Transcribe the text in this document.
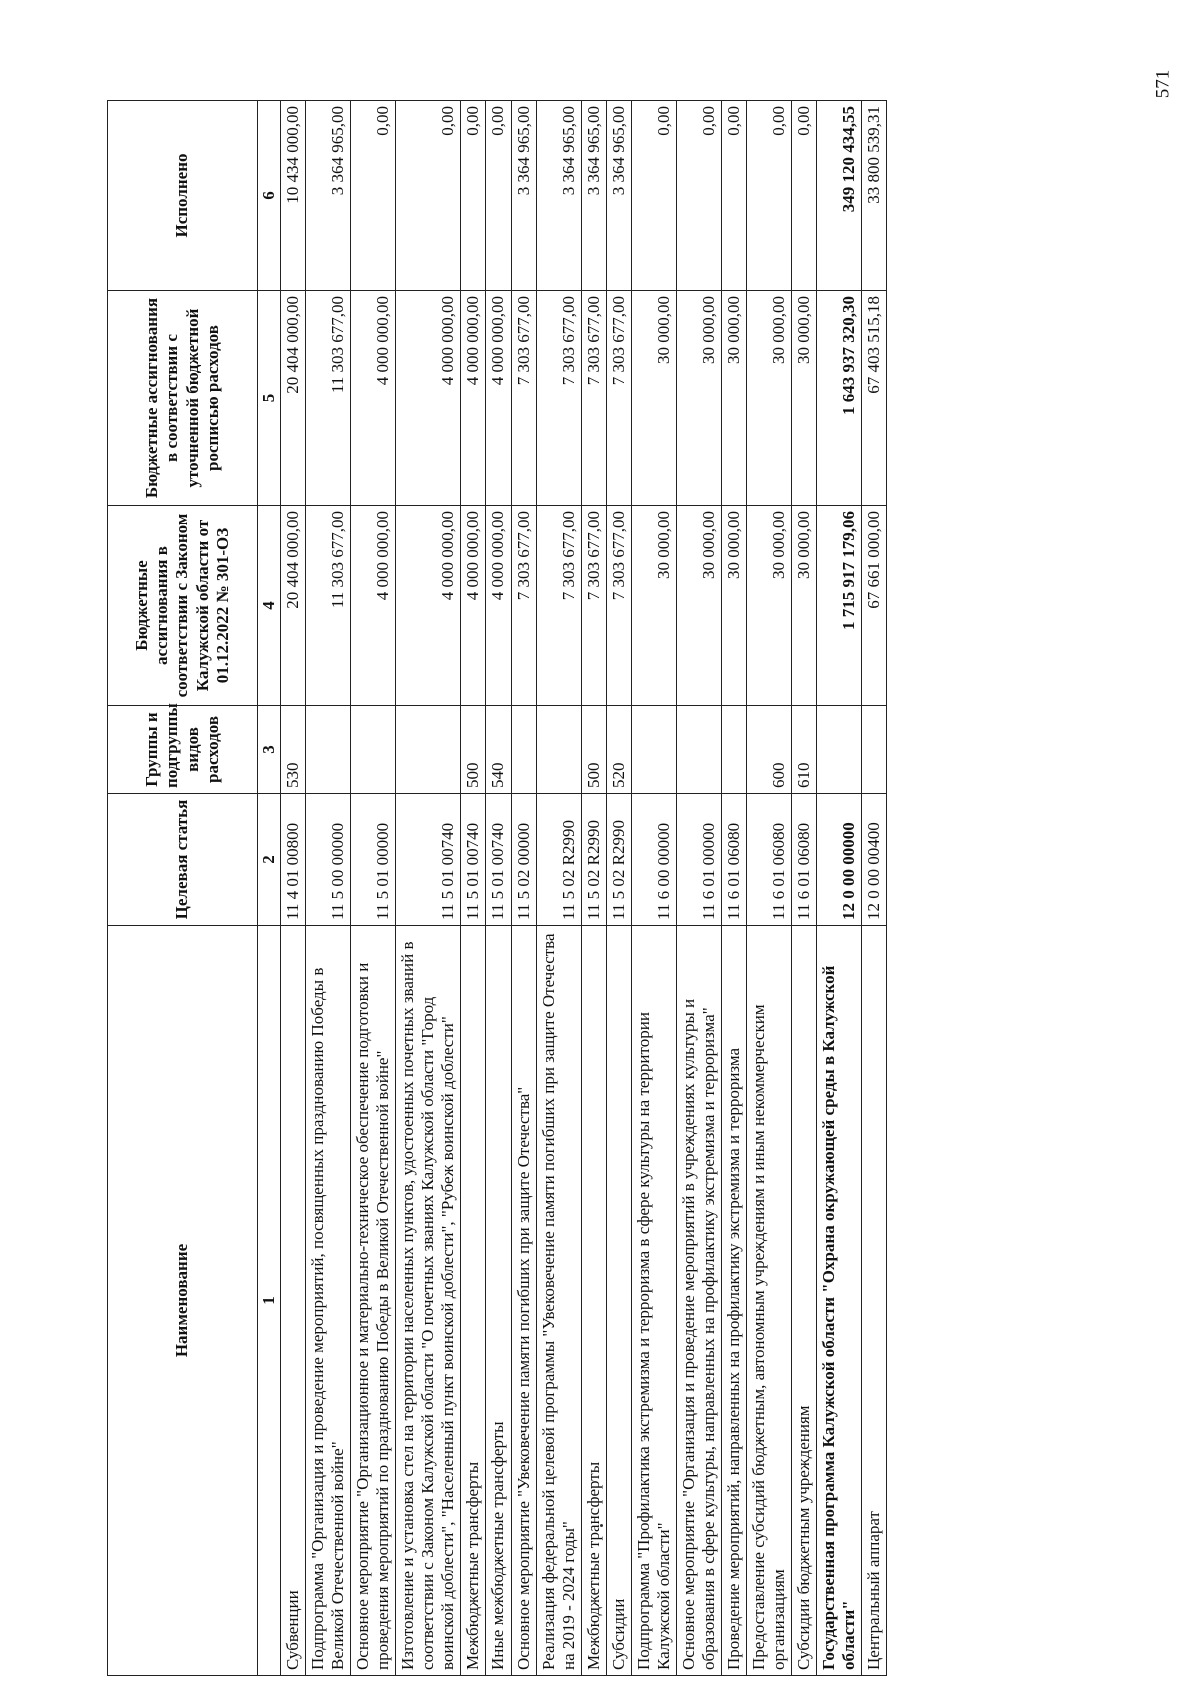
571
Наименование	Целевая статья	Группы и подгруппы видов расходов	Бюджетные ассигнования в соответствии с Законом Калужской области от 01.12.2022 № 301-ОЗ	Бюджетные ассигнования в соответствии с уточненной бюджетной росписью расходов	Исполнено
1	2	3	4	5	6
Субвенции	11 4 01 00800	530	20 404 000,00	20 404 000,00	10 434 000,00
Подпрограмма "Организация и проведение мероприятий, посвященных празднованию Победы в Великой Отечественной войне"	11 5 00 00000		11 303 677,00	11 303 677,00	3 364 965,00
Основное мероприятие "Организационное и материально-техническое обеспечение подготовки и проведения мероприятий по празднованию Победы в Великой Отечественной войне"	11 5 01 00000		4 000 000,00	4 000 000,00	0,00
Изготовление и установка стел на территории населенных пунктов, удостоенных почетных званий в соответствии с Законом Калужской области "О почетных званиях Калужской области "Город воинской доблести", "Населенный пункт воинской доблести", "Рубеж воинской доблести"	11 5 01 00740		4 000 000,00	4 000 000,00	0,00
Межбюджетные трансферты	11 5 01 00740	500	4 000 000,00	4 000 000,00	0,00
Иные межбюджетные трансферты	11 5 01 00740	540	4 000 000,00	4 000 000,00	0,00
Основное мероприятие "Увековечение памяти погибших при защите Отечества"	11 5 02 00000		7 303 677,00	7 303 677,00	3 364 965,00
Реализация федеральной целевой программы "Увековечение памяти погибших при защите Отечества на 2019 - 2024 годы"	11 5 02 R2990		7 303 677,00	7 303 677,00	3 364 965,00
Межбюджетные трансферты	11 5 02 R2990	500	7 303 677,00	7 303 677,00	3 364 965,00
Субсидии	11 5 02 R2990	520	7 303 677,00	7 303 677,00	3 364 965,00
Подпрограмма "Профилактика экстремизма и терроризма в сфере культуры на территории Калужской области"	11 6 00 00000		30 000,00	30 000,00	0,00
Основное мероприятие "Организация и проведение мероприятий в учреждениях культуры и образования в сфере культуры, направленных на профилактику экстремизма и терроризма"	11 6 01 00000		30 000,00	30 000,00	0,00
Проведение мероприятий, направленных на профилактику экстремизма и терроризма	11 6 01 06080		30 000,00	30 000,00	0,00
Предоставление субсидий бюджетным, автономным учреждениям и иным некоммерческим организациям	11 6 01 06080	600	30 000,00	30 000,00	0,00
Субсидии бюджетным учреждениям	11 6 01 06080	610	30 000,00	30 000,00	0,00
Государственная программа Калужской области "Охрана окружающей среды в Калужской области"	12 0 00 00000		1 715 917 179,06	1 643 937 320,30	349 120 434,55
Центральный аппарат	12 0 00 00400		67 661 000,00	67 403 515,18	33 800 539,31
